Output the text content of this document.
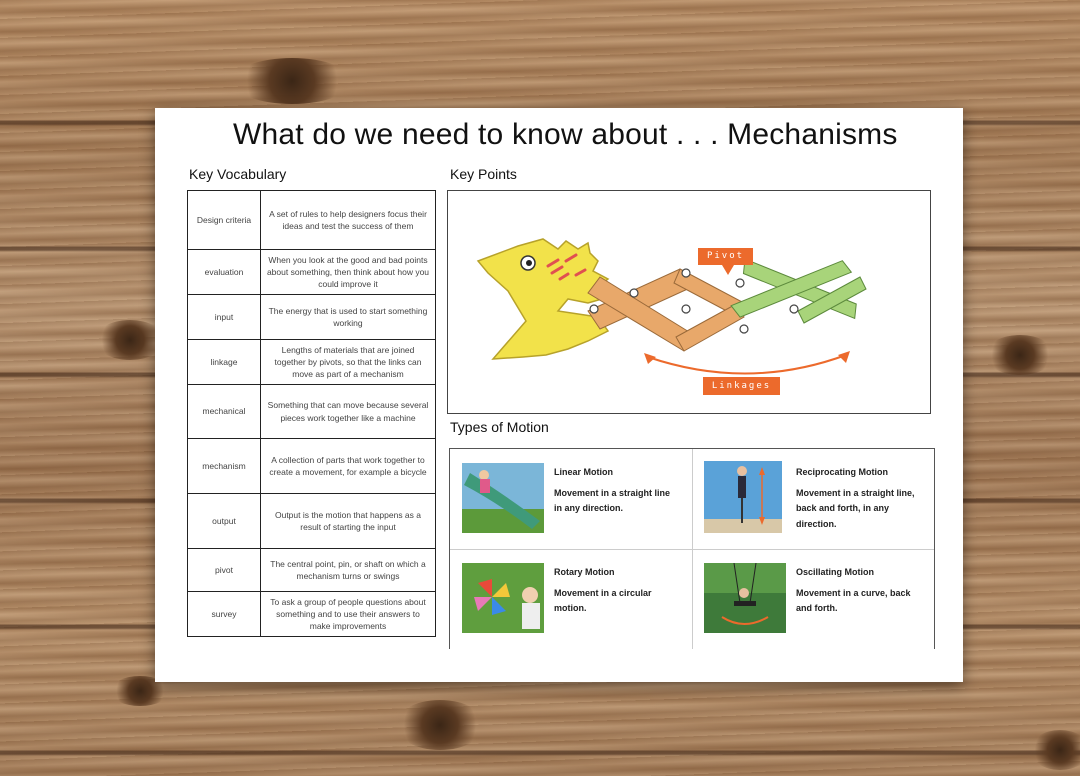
What do we need to know about . . . Mechanisms
Key Vocabulary	Key Points
Types of Motion
Design criteria	A set of rules to help designers focus their ideas and test the success of them
evaluation	When you look at the good and bad points about something, then think about how you could improve it
input	The energy that is used to start something working
linkage	Lengths of materials that are joined together by pivots, so that the links can move as part of a mechanism
mechanical	Something that can move because several pieces work together like a machine
mechanism	A collection of parts that work together to create a movement, for example a bicycle
output	Output is the motion that happens as a result of starting the input
pivot	The central point, pin, or shaft on which a mechanism turns or swings
survey	To ask a group of people questions about something and to use their answers to make improvements
Pivot
Linkages
Linear Motion
Movement in a straight line in any direction.
Reciprocating Motion
Movement in a straight line, back and forth, in any direction.
Rotary Motion
Movement in a circular motion.
Oscillating Motion
Movement in a curve, back and forth.
